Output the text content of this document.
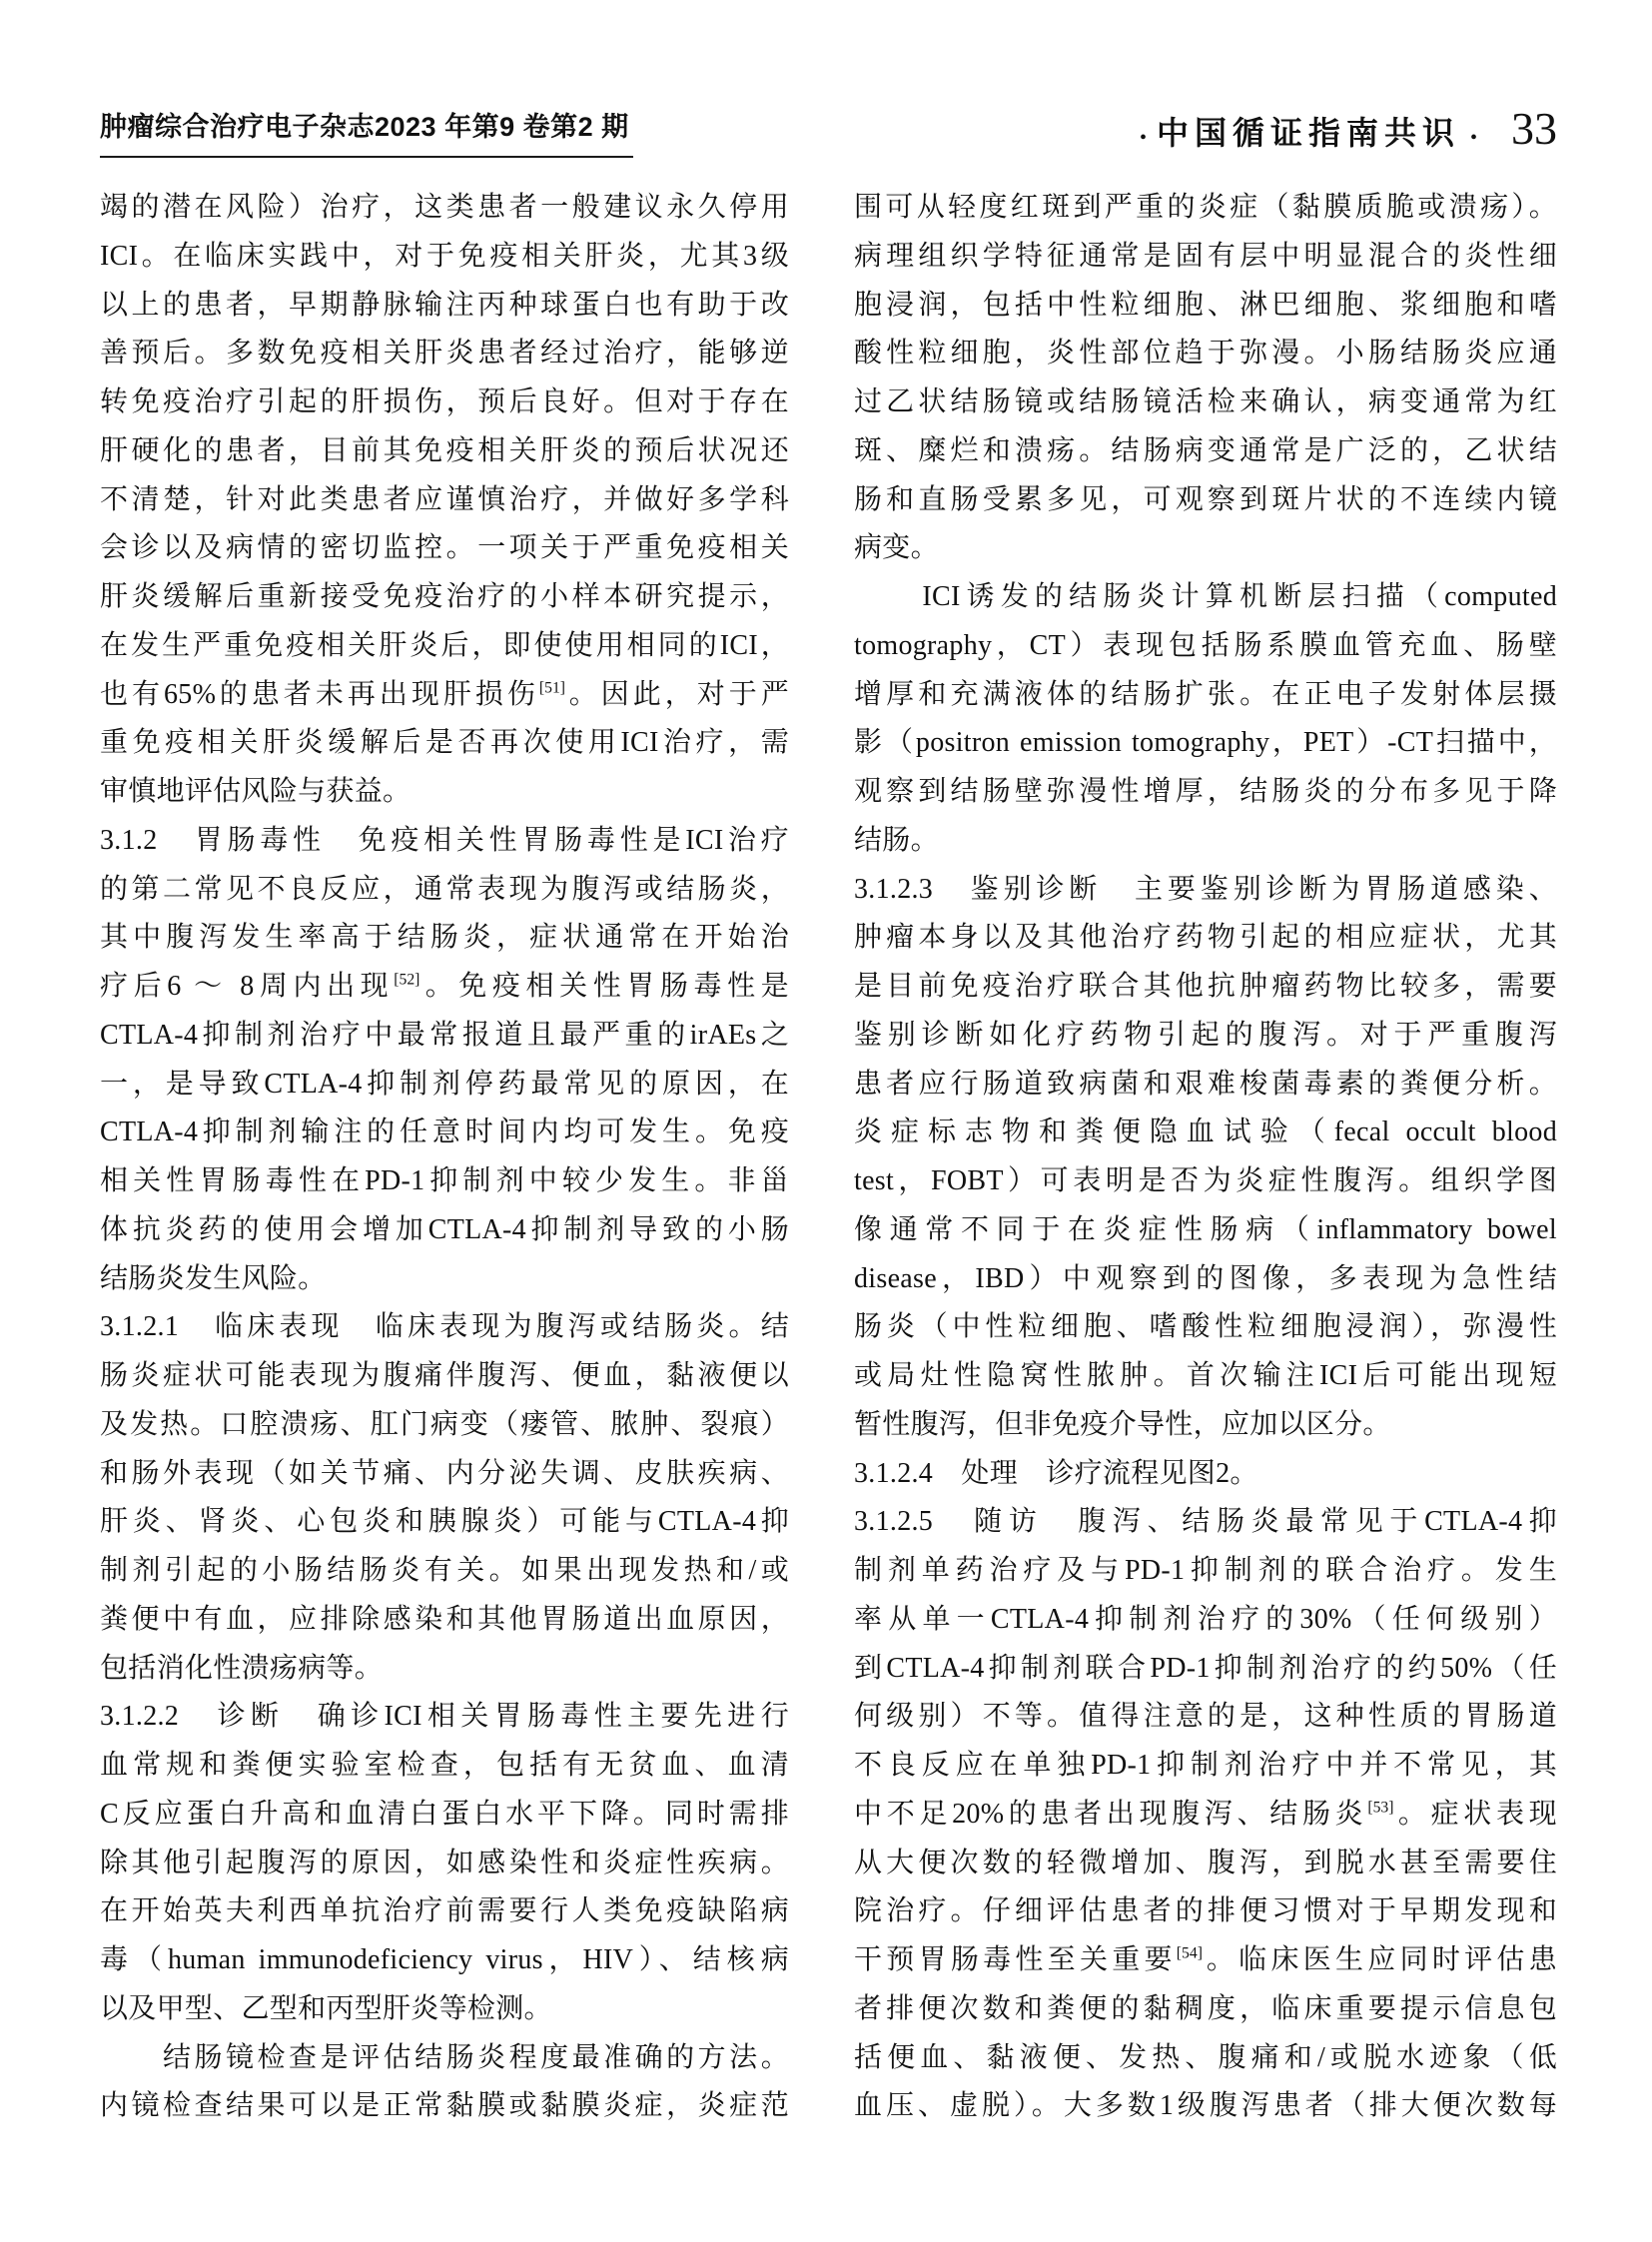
肿瘤综合治疗电子杂志2023 年第9 卷第2 期	• 中国循证指南共识 • 33
竭的潜在风险）治疗，这类患者一般建议永久停用
ICI。在临床实践中，对于免疫相关肝炎，尤其3级
以上的患者，早期静脉输注丙种球蛋白也有助于改
善预后。多数免疫相关肝炎患者经过治疗，能够逆
转免疫治疗引起的肝损伤，预后良好。但对于存在
肝硬化的患者，目前其免疫相关肝炎的预后状况还
不清楚，针对此类患者应谨慎治疗，并做好多学科
会诊以及病情的密切监控。一项关于严重免疫相关
肝炎缓解后重新接受免疫治疗的小样本研究提示，
在发生严重免疫相关肝炎后，即使使用相同的ICI，
也有65%的患者未再出现肝损伤[51]。因此，对于严
重免疫相关肝炎缓解后是否再次使用ICI治疗，需
审慎地评估风险与获益。
3.1.2　胃肠毒性　免疫相关性胃肠毒性是ICI治疗
的第二常见不良反应，通常表现为腹泻或结肠炎，
其中腹泻发生率高于结肠炎，症状通常在开始治
疗后6 ～ 8周内出现[52]。免疫相关性胃肠毒性是
CTLA-4抑制剂治疗中最常报道且最严重的irAEs之
一，是导致CTLA-4抑制剂停药最常见的原因，在
CTLA-4抑制剂输注的任意时间内均可发生。免疫
相关性胃肠毒性在PD-1抑制剂中较少发生。非甾
体抗炎药的使用会增加CTLA-4抑制剂导致的小肠
结肠炎发生风险。
3.1.2.1　临床表现　临床表现为腹泻或结肠炎。结
肠炎症状可能表现为腹痛伴腹泻、便血，黏液便以
及发热。口腔溃疡、肛门病变（瘘管、脓肿、裂痕）
和肠外表现（如关节痛、内分泌失调、皮肤疾病、
肝炎、肾炎、心包炎和胰腺炎）可能与CTLA-4抑
制剂引起的小肠结肠炎有关。如果出现发热和/或
粪便中有血，应排除感染和其他胃肠道出血原因，
包括消化性溃疡病等。
3.1.2.2　诊断　确诊ICI相关胃肠毒性主要先进行
血常规和粪便实验室检查，包括有无贫血、血清
C反应蛋白升高和血清白蛋白水平下降。同时需排
除其他引起腹泻的原因，如感染性和炎症性疾病。
在开始英夫利西单抗治疗前需要行人类免疫缺陷病
毒（human immunodeficiency virus，HIV）、结核病
以及甲型、乙型和丙型肝炎等检测。
　　结肠镜检查是评估结肠炎程度最准确的方法。
内镜检查结果可以是正常黏膜或黏膜炎症，炎症范
围可从轻度红斑到严重的炎症（黏膜质脆或溃疡）。
病理组织学特征通常是固有层中明显混合的炎性细
胞浸润，包括中性粒细胞、淋巴细胞、浆细胞和嗜
酸性粒细胞，炎性部位趋于弥漫。小肠结肠炎应通
过乙状结肠镜或结肠镜活检来确认，病变通常为红
斑、糜烂和溃疡。结肠病变通常是广泛的，乙状结
肠和直肠受累多见，可观察到斑片状的不连续内镜
病变。
　　ICI诱发的结肠炎计算机断层扫描（computed
tomography，CT）表现包括肠系膜血管充血、肠壁
增厚和充满液体的结肠扩张。在正电子发射体层摄
影（positron emission tomography，PET）-CT扫描中，
观察到结肠壁弥漫性增厚，结肠炎的分布多见于降
结肠。
3.1.2.3　鉴别诊断　主要鉴别诊断为胃肠道感染、
肿瘤本身以及其他治疗药物引起的相应症状，尤其
是目前免疫治疗联合其他抗肿瘤药物比较多，需要
鉴别诊断如化疗药物引起的腹泻。对于严重腹泻
患者应行肠道致病菌和艰难梭菌毒素的粪便分析。
炎症标志物和粪便隐血试验（fecal occult blood
test，FOBT）可表明是否为炎症性腹泻。组织学图
像通常不同于在炎症性肠病（inflammatory bowel
disease，IBD）中观察到的图像，多表现为急性结
肠炎（中性粒细胞、嗜酸性粒细胞浸润），弥漫性
或局灶性隐窝性脓肿。首次输注ICI后可能出现短
暂性腹泻，但非免疫介导性，应加以区分。
3.1.2.4　处理　诊疗流程见图2。
3.1.2.5　随访　腹泻、结肠炎最常见于CTLA-4抑
制剂单药治疗及与PD-1抑制剂的联合治疗。发生
率从单一CTLA-4抑制剂治疗的30%（任何级别）
到CTLA-4抑制剂联合PD-1抑制剂治疗的约50%（任
何级别）不等。值得注意的是，这种性质的胃肠道
不良反应在单独PD-1抑制剂治疗中并不常见，其
中不足20%的患者出现腹泻、结肠炎[53]。症状表现
从大便次数的轻微增加、腹泻，到脱水甚至需要住
院治疗。仔细评估患者的排便习惯对于早期发现和
干预胃肠毒性至关重要[54]。临床医生应同时评估患
者排便次数和粪便的黏稠度，临床重要提示信息包
括便血、黏液便、发热、腹痛和/或脱水迹象（低
血压、虚脱）。大多数1级腹泻患者（排大便次数每
